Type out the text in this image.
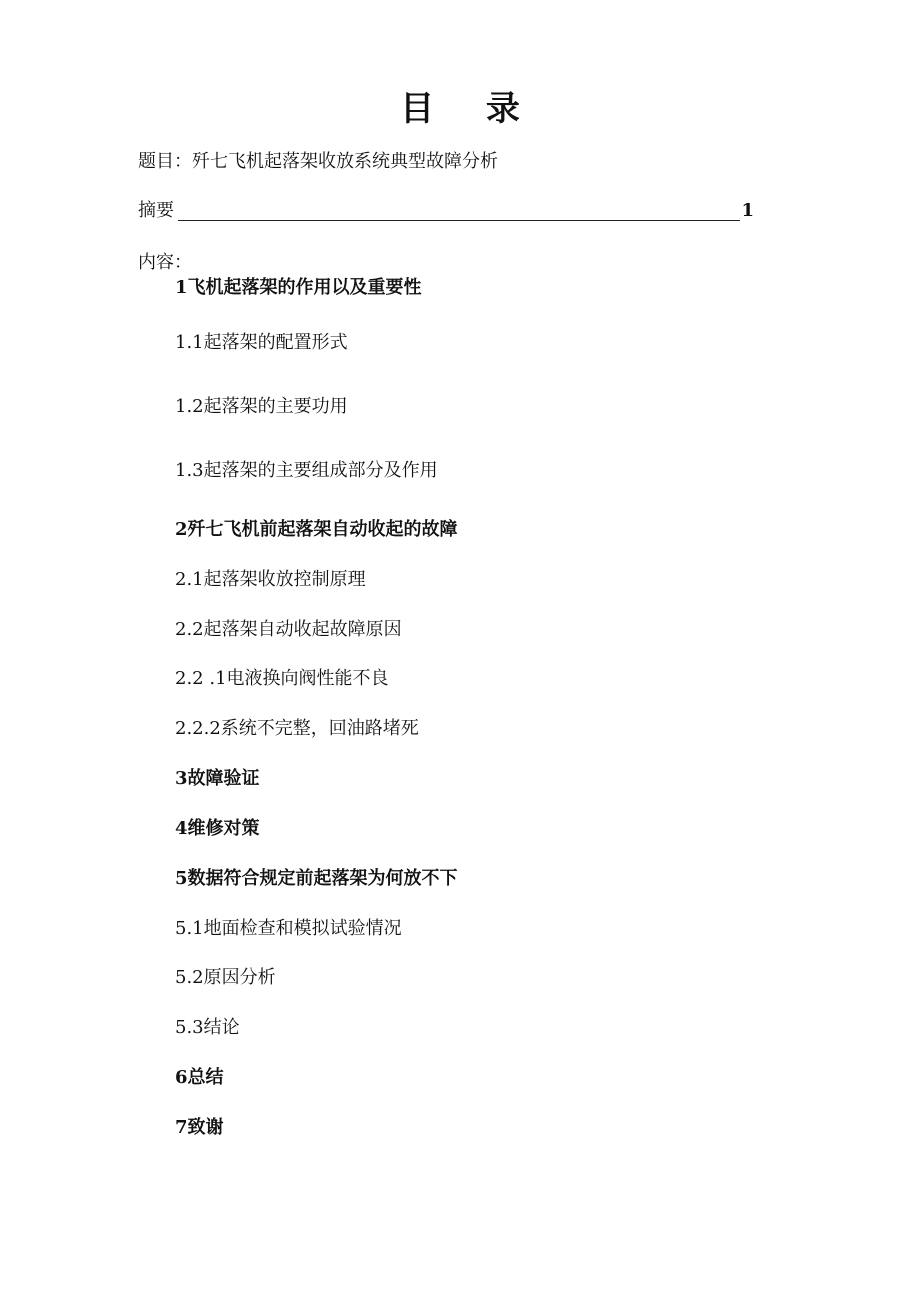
目 录
题目：歼七飞机起落架收放系统典型故障分析
摘要	1
内容：
1飞机起落架的作用以及重要性
1.1起落架的配置形式
1.2起落架的主要功用
1.3起落架的主要组成部分及作用
2歼七飞机前起落架自动收起的故障
2.1起落架收放控制原理
2.2起落架自动收起故障原因
2.2 .1电液换向阀性能不良
2.2.2系统不完整，回油路堵死
3故障验证
4维修对策
5数据符合规定前起落架为何放不下
5.1地面检查和模拟试验情况
5.2原因分析
5.3结论
6总结
7致谢
